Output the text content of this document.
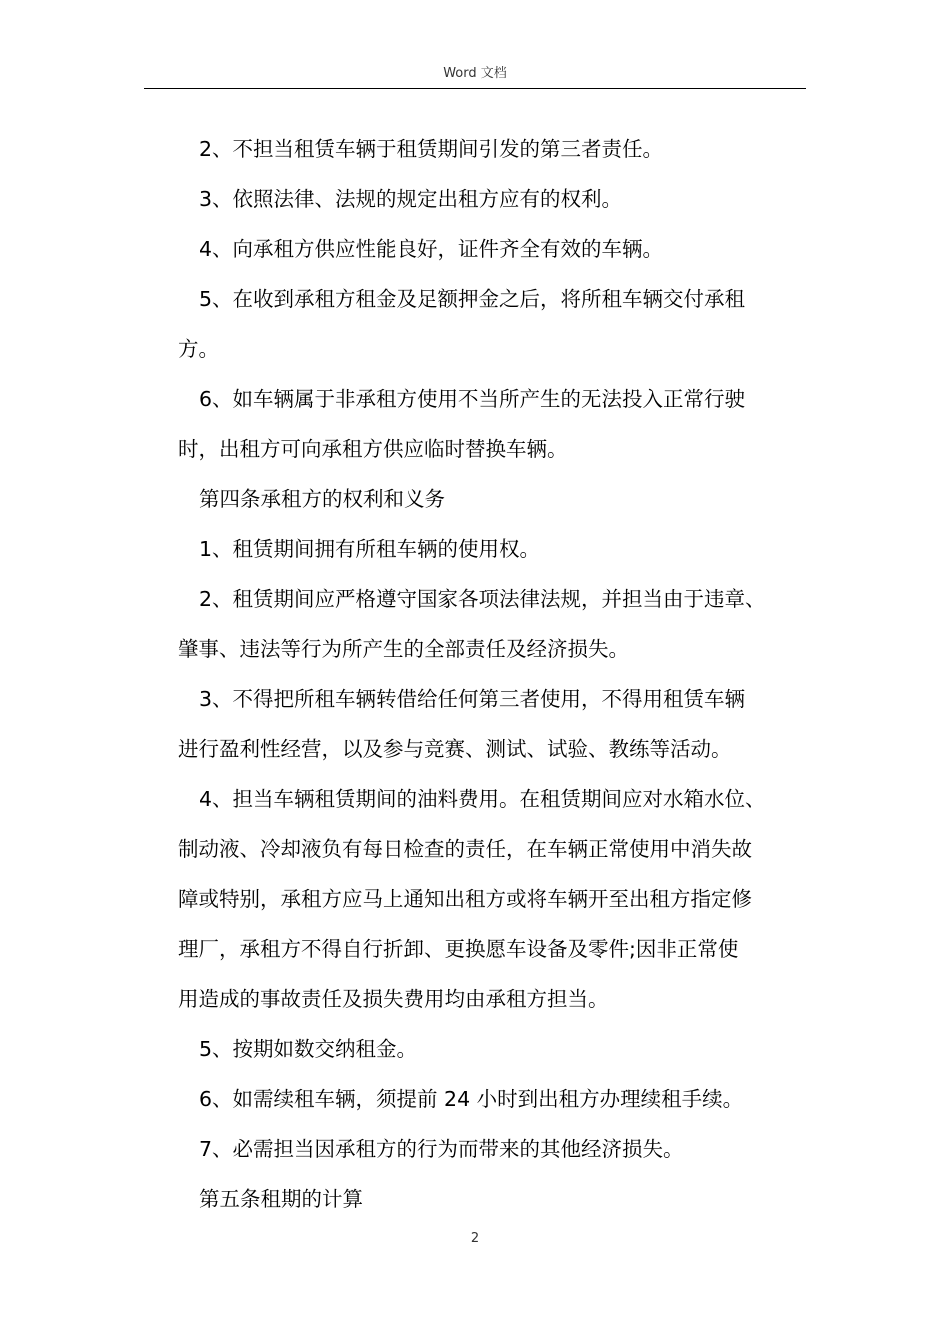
Word 文档
2、不担当租赁车辆于租赁期间引发的第三者责任。
3、依照法律、法规的规定出租方应有的权利。
4、向承租方供应性能良好，证件齐全有效的车辆。
5、在收到承租方租金及足额押金之后，将所租车辆交付承租
方。
6、如车辆属于非承租方使用不当所产生的无法投入正常行驶
时，出租方可向承租方供应临时替换车辆。
第四条承租方的权利和义务
1、租赁期间拥有所租车辆的使用权。
2、租赁期间应严格遵守国家各项法律法规，并担当由于违章、
肇事、违法等行为所产生的全部责任及经济损失。
3、不得把所租车辆转借给任何第三者使用，不得用租赁车辆
进行盈利性经营，以及参与竞赛、测试、试验、教练等活动。
4、担当车辆租赁期间的油料费用。在租赁期间应对水箱水位、
制动液、冷却液负有每日检查的责任，在车辆正常使用中消失故
障或特别，承租方应马上通知出租方或将车辆开至出租方指定修
理厂，承租方不得自行折卸、更换愿车设备及零件;因非正常使
用造成的事故责任及损失费用均由承租方担当。
5、按期如数交纳租金。
6、如需续租车辆，须提前 24 小时到出租方办理续租手续。
7、必需担当因承租方的行为而带来的其他经济损失。
第五条租期的计算
2
